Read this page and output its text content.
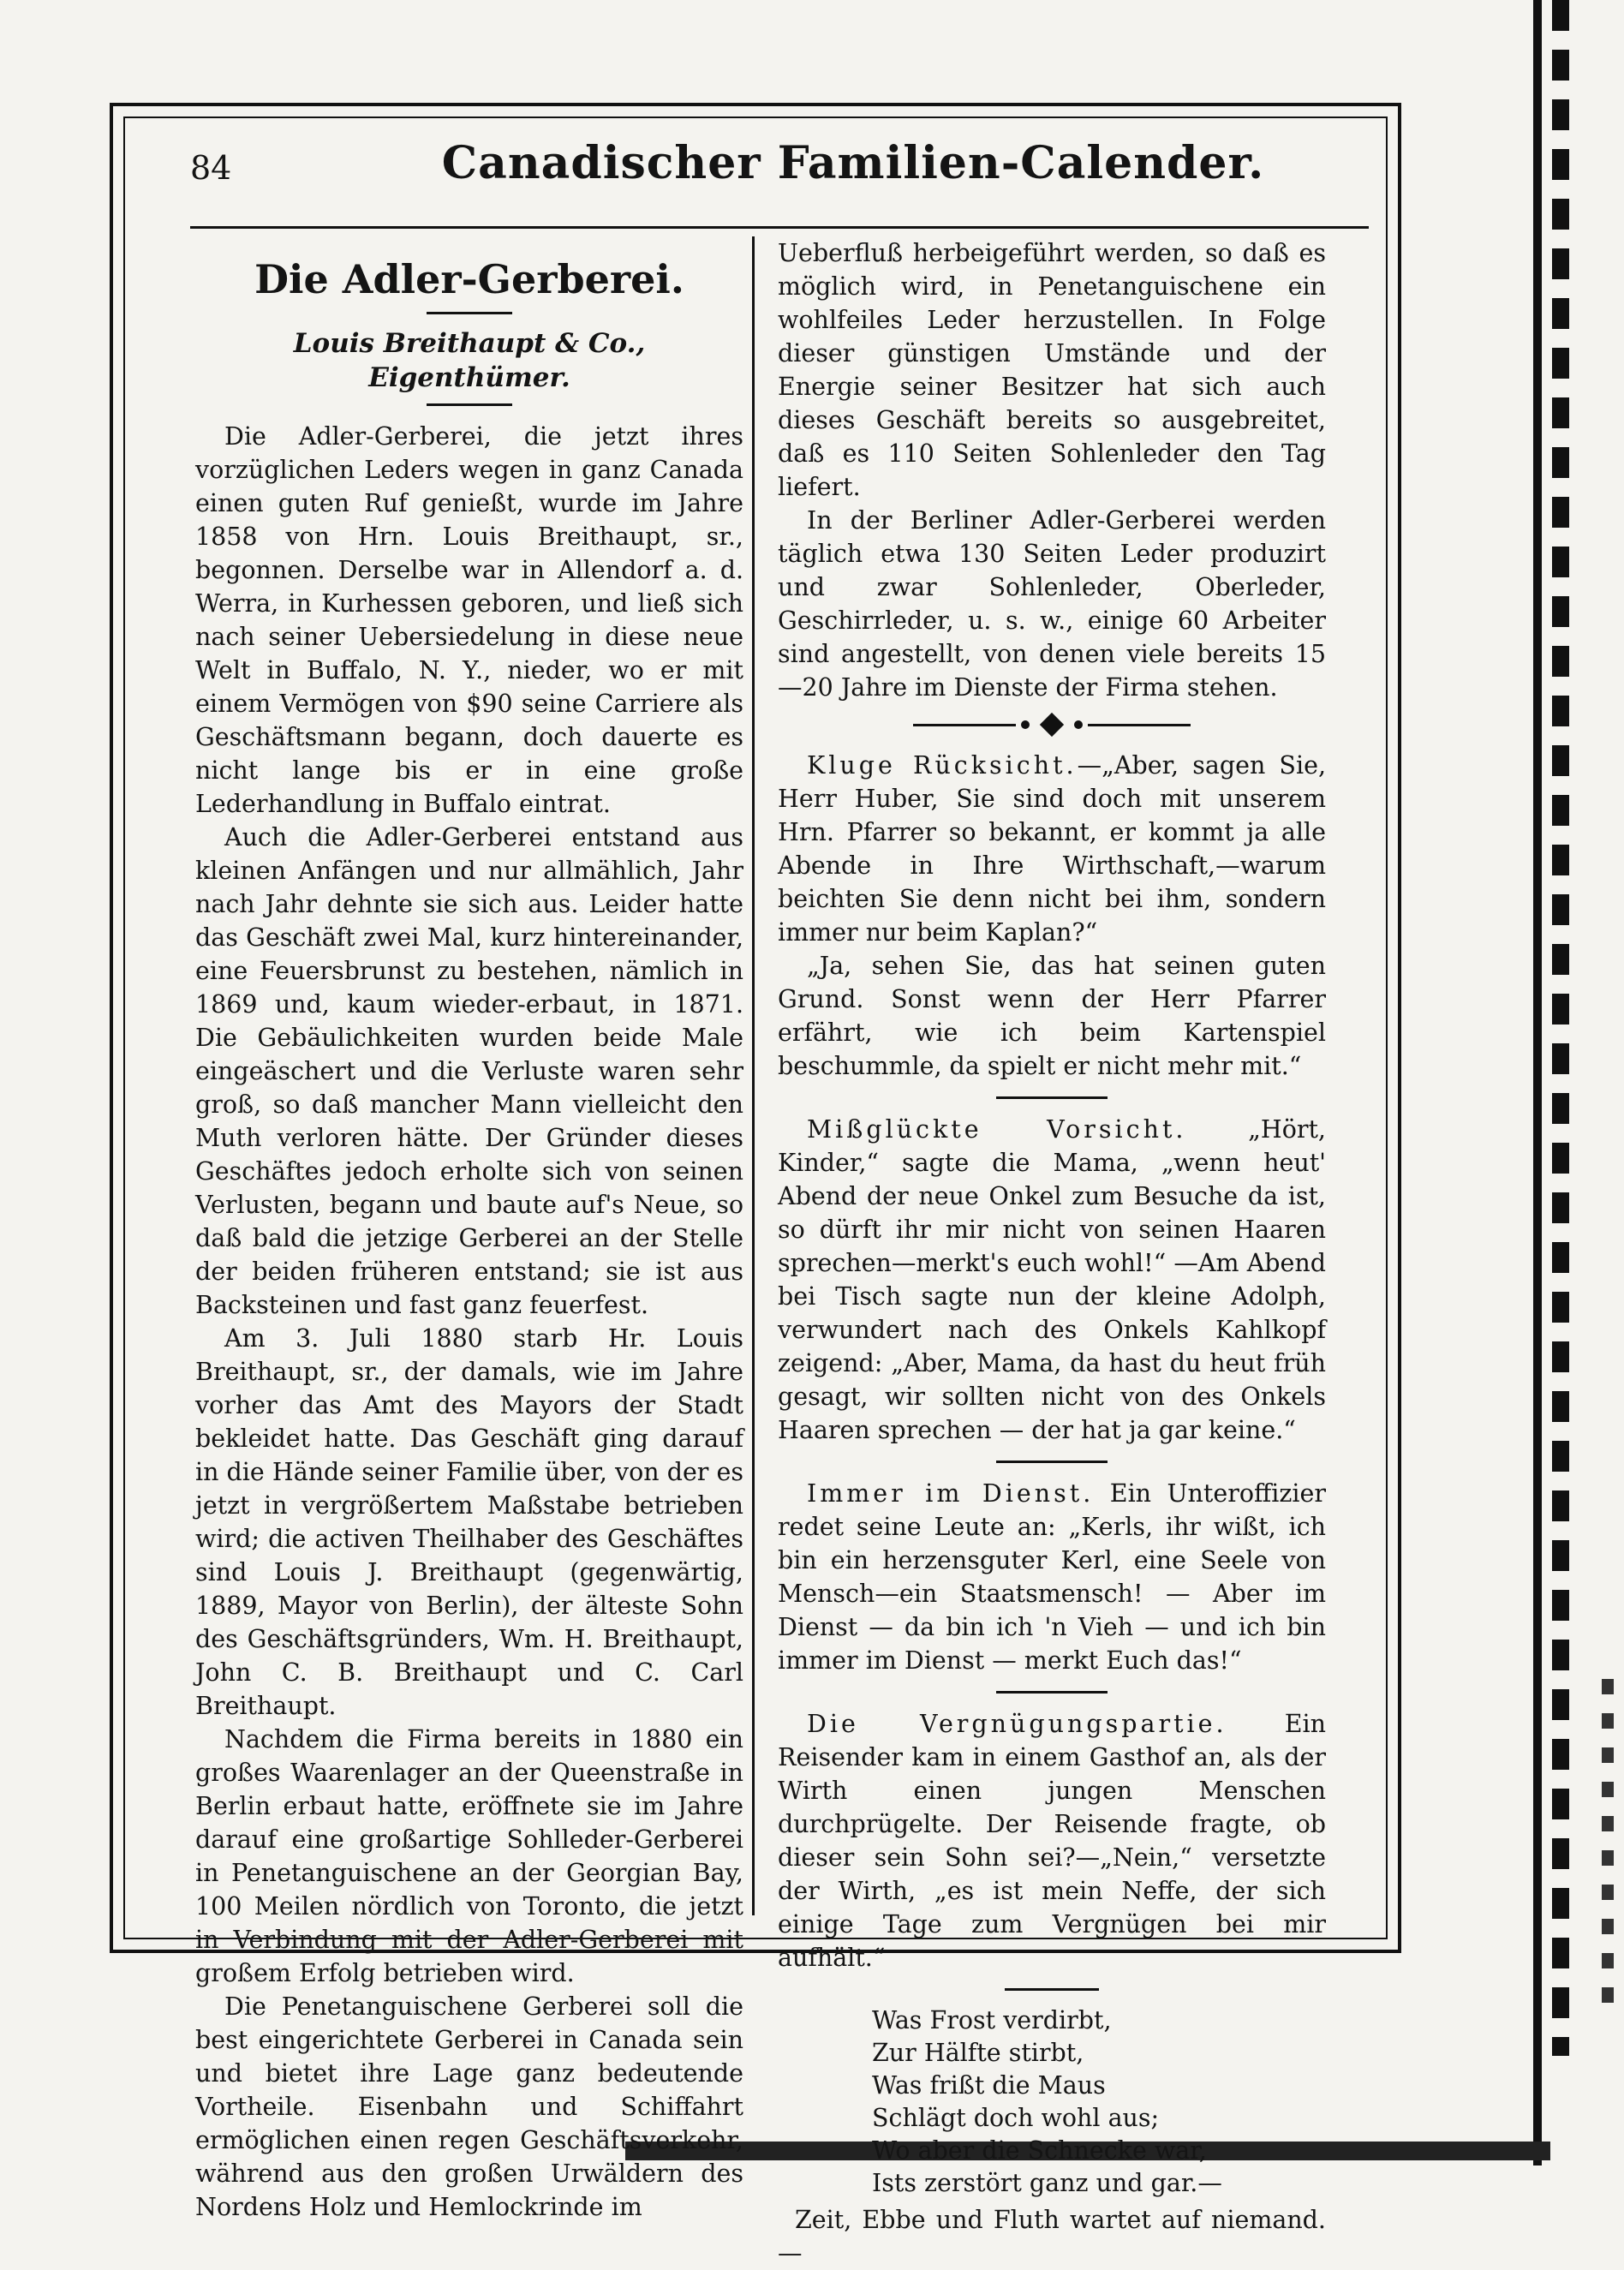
84	Canadischer Familien-Calender.
Die Adler-Gerberei.
Louis Breithaupt & Co., Eigenthümer.

Die Adler-Gerberei, die jetzt ihres vorzüglichen Leders wegen in ganz Canada einen guten Ruf genießt, wurde im Jahre 1858 von Hrn. Louis Breithaupt, sr., begonnen. Derselbe war in Allendorf a. d. Werra, in Kurhessen geboren, und ließ sich nach seiner Uebersiedelung in diese neue Welt in Buffalo, N. Y., nieder, wo er mit einem Vermögen von $90 seine Carriere als Geschäftsmann begann, doch dauerte es nicht lange bis er in eine große Lederhandlung in Buffalo eintrat.

Auch die Adler-Gerberei entstand aus kleinen Anfängen und nur allmählich, Jahr nach Jahr dehnte sie sich aus. Leider hatte das Geschäft zwei Mal, kurz hintereinander, eine Feuersbrunst zu bestehen, nämlich in 1869 und, kaum wieder-erbaut, in 1871. Die Gebäulichkeiten wurden beide Male eingeäschert und die Verluste waren sehr groß, so daß mancher Mann vielleicht den Muth verloren hätte. Der Gründer dieses Geschäftes jedoch erholte sich von seinen Verlusten, begann und baute auf's Neue, so daß bald die jetzige Gerberei an der Stelle der beiden früheren entstand; sie ist aus Backsteinen und fast ganz feuerfest.

Am 3. Juli 1880 starb Hr. Louis Breithaupt, sr., der damals, wie im Jahre vorher das Amt des Mayors der Stadt bekleidet hatte. Das Geschäft ging darauf in die Hände seiner Familie über, von der es jetzt in vergrößertem Maßstabe betrieben wird; die activen Theilhaber des Geschäftes sind Louis J. Breithaupt (gegenwärtig, 1889, Mayor von Berlin), der älteste Sohn des Geschäftsgründers, Wm. H. Breithaupt, John C. B. Breithaupt und C. Carl Breithaupt.

Nachdem die Firma bereits in 1880 ein großes Waarenlager an der Queenstraße in Berlin erbaut hatte, eröffnete sie im Jahre darauf eine großartige Sohlleder-Gerberei in Penetanguischene an der Georgian Bay, 100 Meilen nördlich von Toronto, die jetzt in Verbindung mit der Adler-Gerberei mit großem Erfolg betrieben wird.

Die Penetanguischene Gerberei soll die best eingerichtete Gerberei in Canada sein und bietet ihre Lage ganz bedeutende Vortheile. Eisenbahn und Schiffahrt ermöglichen einen regen Geschäftsverkehr, während aus den großen Urwäldern des Nordens Holz und Hemlockrinde im

Ueberfluß herbeigeführt werden, so daß es möglich wird, in Penetanguischene ein wohlfeiles Leder herzustellen. In Folge dieser günstigen Umstände und der Energie seiner Besitzer hat sich auch dieses Geschäft bereits so ausgebreitet, daß es 110 Seiten Sohlenleder den Tag liefert.

In der Berliner Adler-Gerberei werden täglich etwa 130 Seiten Leder produzirt und zwar Sohlenleder, Oberleder, Geschirrleder, u. s. w., einige 60 Arbeiter sind angestellt, von denen viele bereits 15—20 Jahre im Dienste der Firma stehen.

Kluge Rücksicht.—„Aber, sagen Sie, Herr Huber, Sie sind doch mit unserem Hrn. Pfarrer so bekannt, er kommt ja alle Abende in Ihre Wirthschaft,—warum beichten Sie denn nicht bei ihm, sondern immer nur beim Kaplan?“

„Ja, sehen Sie, das hat seinen guten Grund. Sonst wenn der Herr Pfarrer erfährt, wie ich beim Kartenspiel beschummle, da spielt er nicht mehr mit.“

Mißglückte Vorsicht. „Hört, Kinder,“ sagte die Mama, „wenn heut' Abend der neue Onkel zum Besuche da ist, so dürft ihr mir nicht von seinen Haaren sprechen—merkt's euch wohl!“ —Am Abend bei Tisch sagte nun der kleine Adolph, verwundert nach des Onkels Kahlkopf zeigend: „Aber, Mama, da hast du heut früh gesagt, wir sollten nicht von des Onkels Haaren sprechen — der hat ja gar keine.“

Immer im Dienst. Ein Unteroffizier redet seine Leute an: „Kerls, ihr wißt, ich bin ein herzensguter Kerl, eine Seele von Mensch—ein Staatsmensch! — Aber im Dienst — da bin ich 'n Vieh — und ich bin immer im Dienst — merkt Euch das!“

Die Vergnügungspartie. Ein Reisender kam in einem Gasthof an, als der Wirth einen jungen Menschen durchprügelte. Der Reisende fragte, ob dieser sein Sohn sei?—„Nein,“ versetzte der Wirth, „es ist mein Neffe, der sich einige Tage zum Vergnügen bei mir aufhält.“

Was Frost verdirbt,
Zur Hälfte stirbt,
Was frißt die Maus
Schlägt doch wohl aus;
Wo aber die Schnecke war,
Ists zerstört ganz und gar.—

Zeit, Ebbe und Fluth wartet auf niemand.—
